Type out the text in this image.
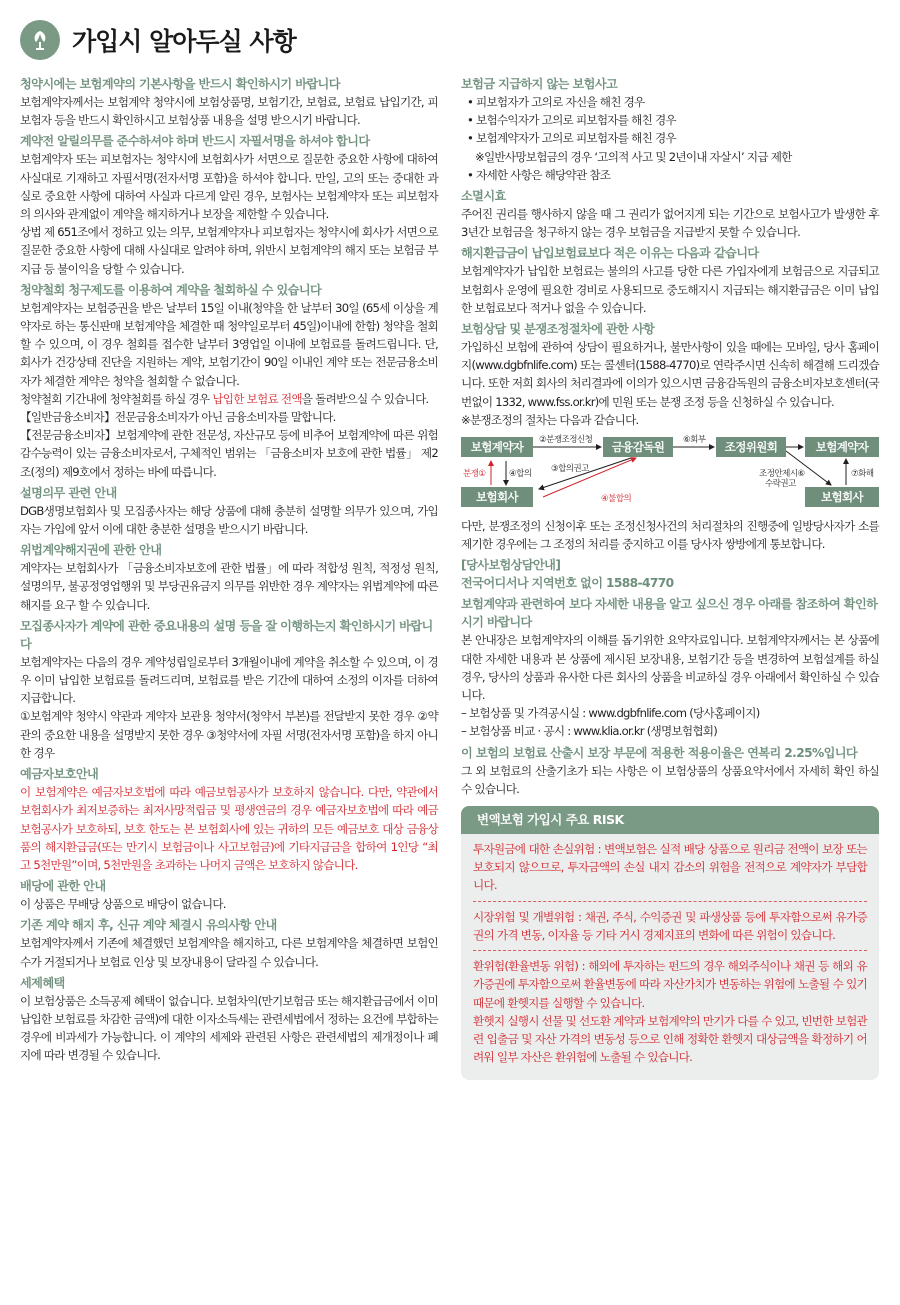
가입시 알아두실 사항
청약시에는 보험계약의 기본사항을 반드시 확인하시기 바랍니다
보험계약자께서는 보험계약 청약시에 보험상품명, 보험기간, 보험료, 보험료 납입기간, 피보험자 등을 반드시 확인하시고 보험상품 내용을 설명 받으시기 바랍니다.
계약전 알릴의무를 준수하셔야 하며 반드시 자필서명을 하셔야 합니다
보험계약자 또는 피보험자는 청약시에 보험회사가 서면으로 질문한 중요한 사항에 대하여 사실대로 기재하고 자필서명(전자서명 포함)을 하셔야 합니다. 만일, 고의 또는 중대한 과실로 중요한 사항에 대하여 사실과 다르게 알린 경우, 보험사는 보험계약자 또는 피보험자의 의사와 관계없이 계약을 해지하거나 보장을 제한할 수 있습니다.
상법 제 651조에서 정하고 있는 의무, 보험계약자나 피보험자는 청약시에 회사가 서면으로 질문한 중요한 사항에 대해 사실대로 알려야 하며, 위반시 보험계약의 해지 또는 보험금 부지급 등 불이익을 당할 수 있습니다.
청약철회 청구제도를 이용하여 계약을 철회하실 수 있습니다
보험계약자는 보험증권을 받은 날부터 15일 이내(청약을 한 날부터 30일 (65세 이상을 계약자로 하는 통신판매 보험계약을 체결한 때 청약일로부터 45일)이내에 한함) 청약을 철회할 수 있으며, 이 경우 철회를 접수한 날부터 3영업일 이내에 보험료를 돌려드립니다. 단, 회사가 건강상태 진단을 지원하는 계약, 보험기간이 90일 이내인 계약 또는 전문금융소비자가 체결한 계약은 청약을 철회할 수 없습니다.
청약철회 기간내에 청약철회를 하실 경우 납입한 보험료 전액을 돌려받으실 수 있습니다.
【일반금융소비자】전문금융소비자가 아닌 금융소비자를 말합니다.
【전문금융소비자】보험계약에 관한 전문성, 자산규모 등에 비추어 보험계약에 따른 위험감수능력이 있는 금융소비자로서, 구체적인 범위는 「금융소비자 보호에 관한 법률」 제2조(정의) 제9호에서 정하는 바에 따릅니다.
설명의무 관련 안내
DGB생명보험회사 및 모집종사자는 해당 상품에 대해 충분히 설명할 의무가 있으며, 가입자는 가입에 앞서 이에 대한 충분한 설명을 받으시기 바랍니다.
위법계약해지권에 관한 안내
계약자는 보험회사가 「금융소비자보호에 관한 법률」에 따라 적합성 원칙, 적정성 원칙, 설명의무, 불공정영업행위 및 부당권유금지 의무를 위반한 경우 계약자는 위법계약에 따른 해지를 요구 할 수 있습니다.
모집종사자가 계약에 관한 중요내용의 설명 등을 잘 이행하는지 확인하시기 바랍니다
보험계약자는 다음의 경우 계약성립일로부터 3개월이내에 계약을 취소할 수 있으며, 이 경우 이미 납입한 보험료를 돌려드리며, 보험료를 받은 기간에 대하여 소정의 이자를 더하여 지급합니다.
①보험계약 청약시 약관과 계약자 보관용 청약서(청약서 부본)를 전달받지 못한 경우 ②약관의 중요한 내용을 설명받지 못한 경우 ③청약서에 자필 서명(전자서명 포함)을 하지 아니한 경우
예금자보호안내
이 보험계약은 예금자보호법에 따라 예금보험공사가 보호하지 않습니다. 다만, 약관에서 보험회사가 최저보증하는 최저사망적립금 및 평생연금의 경우 예금자보호법에 따라 예금보험공사가 보호하되, 보호 한도는 본 보험회사에 있는 귀하의 모든 예금보호 대상 금융상품의 해지환급금(또는 만기시 보험금이나 사고보험금)에 기타지급금을 합하여 1인당 “최고 5천만원”이며, 5천만원을 초과하는 나머지 금액은 보호하지 않습니다.
배당에 관한 안내
이 상품은 무배당 상품으로 배당이 없습니다.
기존 계약 해지 후, 신규 계약 체결시 유의사항 안내
보험계약자께서 기존에 체결했던 보험계약을 해지하고, 다른 보험계약을 체결하면 보험인수가 거절되거나 보험료 인상 및 보장내용이 달라질 수 있습니다.
세제혜택
이 보험상품은 소득공제 혜택이 없습니다. 보험차익(만기보험금 또는 해지환급금에서 이미 납입한 보험료를 차감한 금액)에 대한 이자소득세는 관련세법에서 정하는 요건에 부합하는 경우에 비과세가 가능합니다. 이 계약의 세제와 관련된 사항은 관련세법의 제개정이나 폐지에 따라 변경될 수 있습니다.
보험금 지급하지 않는 보험사고
• 피보험자가 고의로 자신을 해친 경우
• 보험수익자가 고의로 피보험자를 해친 경우
• 보험계약자가 고의로 피보험자를 해친 경우
※일반사망보험금의 경우 ‘고의적 사고 및 2년이내 자살시’ 지급 제한
• 자세한 사항은 해당약관 참조
소멸시효
주어진 권리를 행사하지 않을 때 그 권리가 없어지게 되는 기간으로 보험사고가 발생한 후 3년간 보험금을 청구하지 않는 경우 보험금을 지급받지 못할 수 있습니다.
해지환급금이 납입보험료보다 적은 이유는 다음과 같습니다
보험계약자가 납입한 보험료는 불의의 사고를 당한 다른 가입자에게 보험금으로 지급되고 보험회사 운영에 필요한 경비로 사용되므로 중도해지시 지급되는 해지환급금은 이미 납입한 보험료보다 적거나 없을 수 있습니다.
보험상담 및 분쟁조정절차에 관한 사항
가입하신 보험에 관하여 상담이 필요하거나, 불만사항이 있을 때에는 모바일, 당사 홈페이지(www.dgbfnlife.com) 또는 콜센터(1588-4770)로 연락주시면 신속히 해결해 드리겠습니다. 또한 저희 회사의 처리결과에 이의가 있으시면 금융감독원의 금융소비자보호센터(국번없이 1332, www.fss.or.kr)에 민원 또는 분쟁 조정 등을 신청하실 수 있습니다.
※분쟁조정의 절차는 다음과 같습니다.
보험계약자	금융감독원	조정위원회	보험계약자
보험회사	보험회사
②분쟁조정신청	⑥회부
분쟁①	④합의 ③합의권고
④불합의
조정안제시⑥
수락권고
⑦화해
다만, 분쟁조정의 신청이후 또는 조정신청사건의 처리절차의 진행중에 일방당사자가 소를 제기한 경우에는 그 조정의 처리를 중지하고 이를 당사자 쌍방에게 통보합니다.
[당사보험상담안내]
전국어디서나 지역번호 없이 1588-4770
보험계약과 관련하여 보다 자세한 내용을 알고 싶으신 경우 아래를 참조하여 확인하시기 바랍니다
본 안내장은 보험계약자의 이해를 돕기위한 요약자료입니다. 보험계약자께서는 본 상품에 대한 자세한 내용과 본 상품에 제시된 보장내용, 보험기간 등을 변경하여 보험설계를 하실 경우, 당사의 상품과 유사한 다른 회사의 상품을 비교하실 경우 아래에서 확인하실 수 있습니다.
– 보험상품 및 가격공시실 : www.dgbfnlife.com (당사홈페이지)
– 보험상품 비교 · 공시 : www.klia.or.kr (생명보험협회)
이 보험의 보험료 산출시 보장 부문에 적용한 적용이율은 연복리 2.25%입니다
그 외 보험료의 산출기초가 되는 사항은 이 보험상품의 상품요약서에서 자세히 확인 하실 수 있습니다.
변액보험 가입시 주요 RISK
투자원금에 대한 손실위험 : 변액보험은 실적 배당 상품으로 원리금 전액이 보장 또는 보호되지 않으므로, 투자금액의 손실 내지 감소의 위험을 전적으로 계약자가 부담합니다.
시장위험 및 개별위험 : 채권, 주식, 수익증권 및 파생상품 등에 투자함으로써 유가증권의 가격 변동, 이자율 등 기타 거시 경제지표의 변화에 따른 위험이 있습니다.
환위험(환율변동 위험) : 해외에 투자하는 펀드의 경우 해외주식이나 채권 등 해외 유가증권에 투자함으로써 환율변동에 따라 자산가치가 변동하는 위험에 노출될 수 있기 때문에 환헷지를 실행할 수 있습니다.
환헷지 실행시 선물 및 선도환 계약과 보험계약의 만기가 다를 수 있고, 빈번한 보험관련 입출금 및 자산 가격의 변동성 등으로 인해 정확한 환헷지 대상금액을 확정하기 어려워 일부 자산은 환위험에 노출될 수 있습니다.
